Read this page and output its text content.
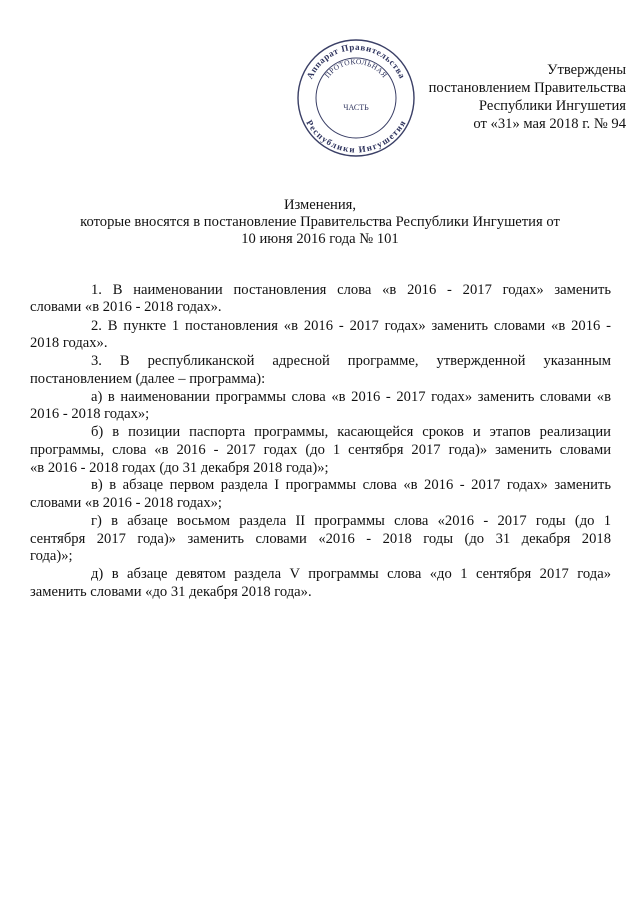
Аппарат Правительства
Республики Ингушетия
ПРОТОКОЛЬНАЯ
ЧАСТЬ
Утверждены
постановлением Правительства
Республики Ингушетия
от «31» мая 2018 г. № 94
Изменения,
которые вносятся в постановление Правительства Республики Ингушетия от
10 июня 2016 года № 101
1. В наименовании постановления слова «в 2016 - 2017 годах» заменить
словами «в 2016 - 2018 годах».
2. В пункте 1 постановления «в 2016 - 2017 годах» заменить словами «в 2016 -
2018 годах».
3. В республиканской адресной программе, утвержденной указанным
постановлением (далее – программа):
а) в наименовании программы слова «в 2016 - 2017 годах» заменить словами «в
2016 - 2018 годах»;
б) в позиции паспорта программы, касающейся сроков и этапов реализации
программы, слова «в 2016 - 2017 годах (до 1 сентября 2017 года)» заменить словами
«в 2016 - 2018 годах (до 31 декабря 2018 года)»;
в) в абзаце первом раздела I программы слова «в 2016 - 2017 годах» заменить
словами «в 2016 - 2018 годах»;
г) в абзаце восьмом раздела II программы слова «2016 - 2017 годы (до 1
сентября 2017 года)» заменить словами «2016 - 2018 годы (до 31 декабря 2018
года)»;
д) в абзаце девятом раздела V программы слова «до 1 сентября 2017 года»
заменить словами «до 31 декабря 2018 года».
